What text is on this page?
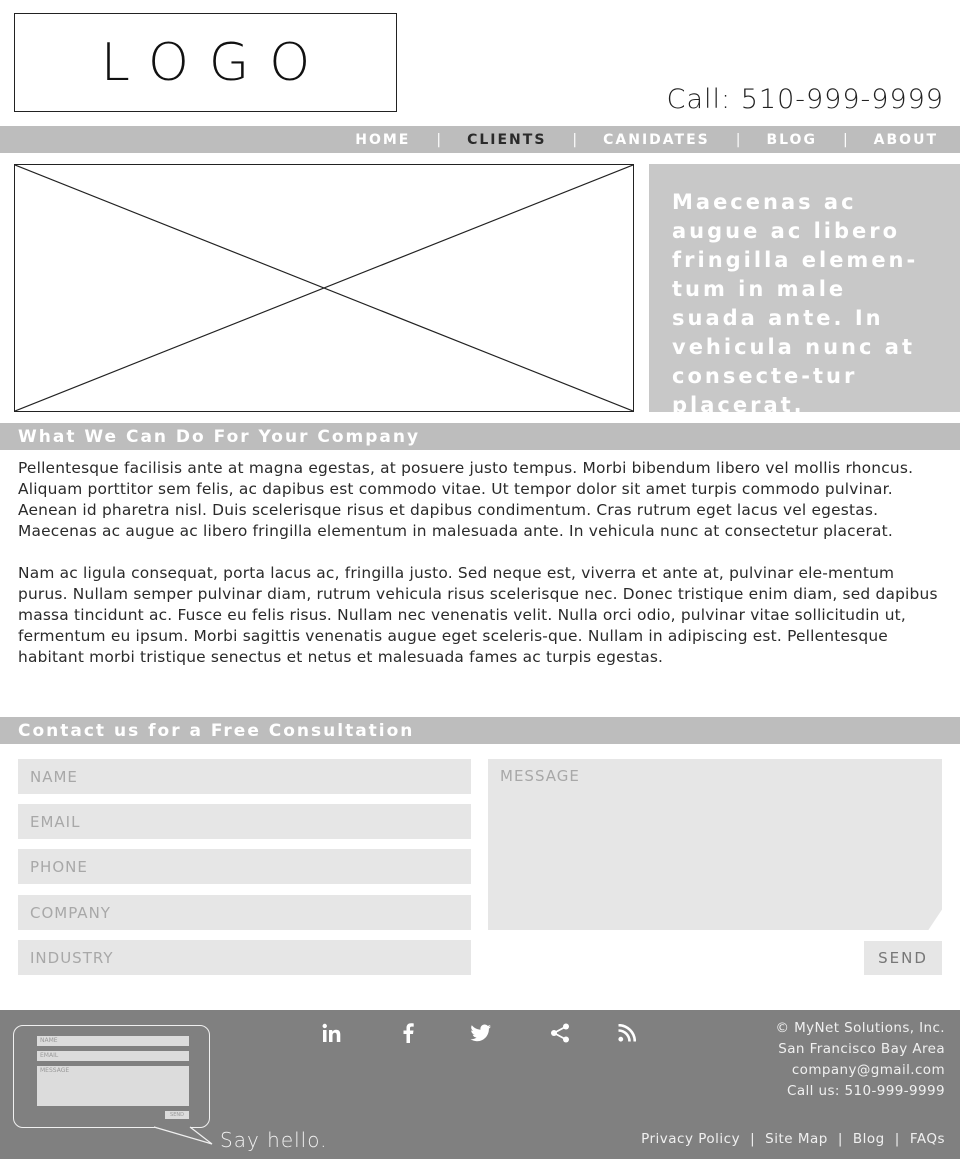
LOGO
Call: 510-999-9999
HOME | CLIENTS | CANIDATES | BLOG | ABOUT

Maecenas ac augue ac libero fringilla elemen-tum in male suada ante. In vehicula nunc at consecte-tur placerat.

What We Can Do For Your Company

Pellentesque facilisis ante at magna egestas, at posuere justo tempus. Morbi bibendum libero vel mollis rhoncus. Aliquam porttitor sem felis, ac dapibus est commodo vitae. Ut tempor dolor sit amet turpis commodo pulvinar. Aenean id pharetra nisl. Duis scelerisque risus et dapibus condimentum. Cras rutrum eget lacus vel egestas. Maecenas ac augue ac libero fringilla elementum in malesuada ante. In vehicula nunc at consectetur placerat.

Nam ac ligula consequat, porta lacus ac, fringilla justo. Sed neque est, viverra et ante at, pulvinar ele-mentum purus. Nullam semper pulvinar diam, rutrum vehicula risus scelerisque nec. Donec tristique enim diam, sed dapibus massa tincidunt ac. Fusce eu felis risus. Nullam nec venenatis velit. Nulla orci odio, pulvinar vitae sollicitudin ut, fermentum eu ipsum. Morbi sagittis venenatis augue eget sceleris-que. Nullam in adipiscing est. Pellentesque habitant morbi tristique senectus et netus et malesuada fames ac turpis egestas.

Contact us for a Free Consultation
NAME
EMAIL
PHONE
COMPANY
INDUSTRY
MESSAGE
SEND
NAME
EMAIL
MESSAGE
SEND
Say hello.
© MyNet Solutions, Inc.
San Francisco Bay Area
company@gmail.com
Call us: 510-999-9999
Privacy Policy | Site Map | Blog | FAQs
